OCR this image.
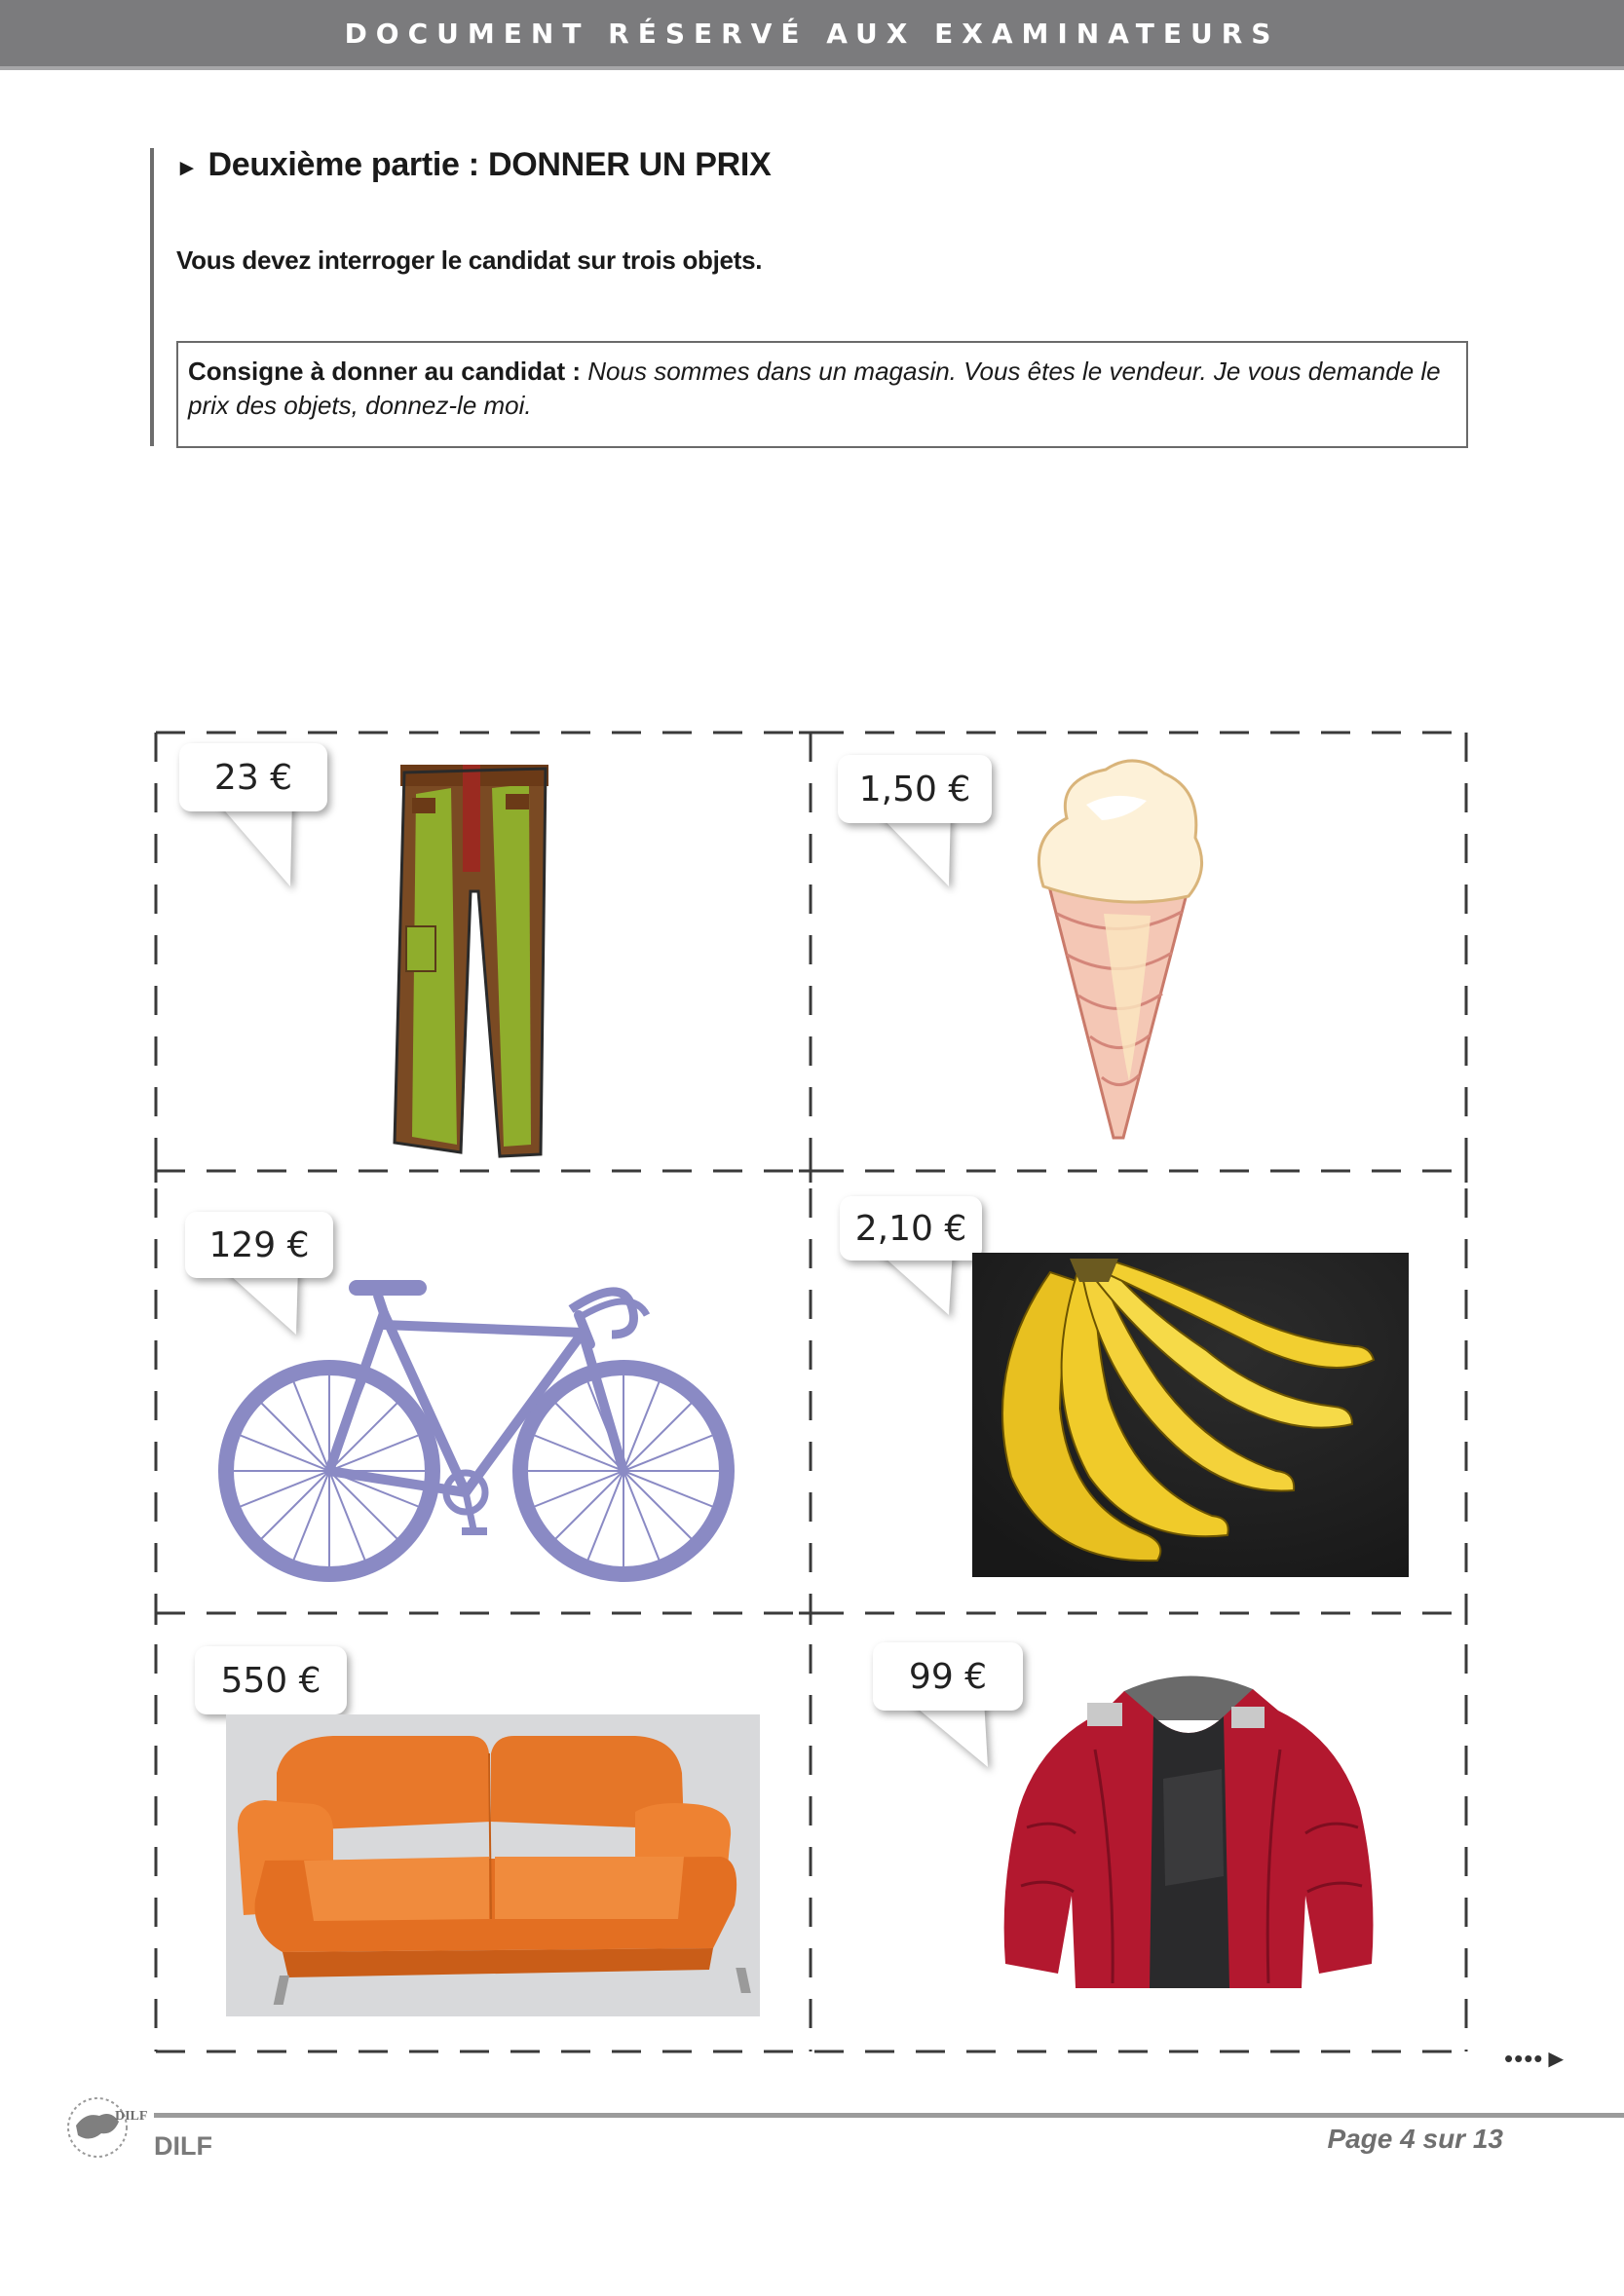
DOCUMENT RÉSERVÉ AUX EXAMINATEURS
► Deuxième partie : DONNER UN PRIX
Vous devez interroger le candidat sur trois objets.
Consigne à donner au candidat : Nous sommes dans un magasin. Vous êtes le vendeur. Je vous demande le prix des objets, donnez-le moi.
23 €	1,50 €
129 €	2,10 €
550 €	99 €
••••►
DILF
DILF	Page 4 sur 13
